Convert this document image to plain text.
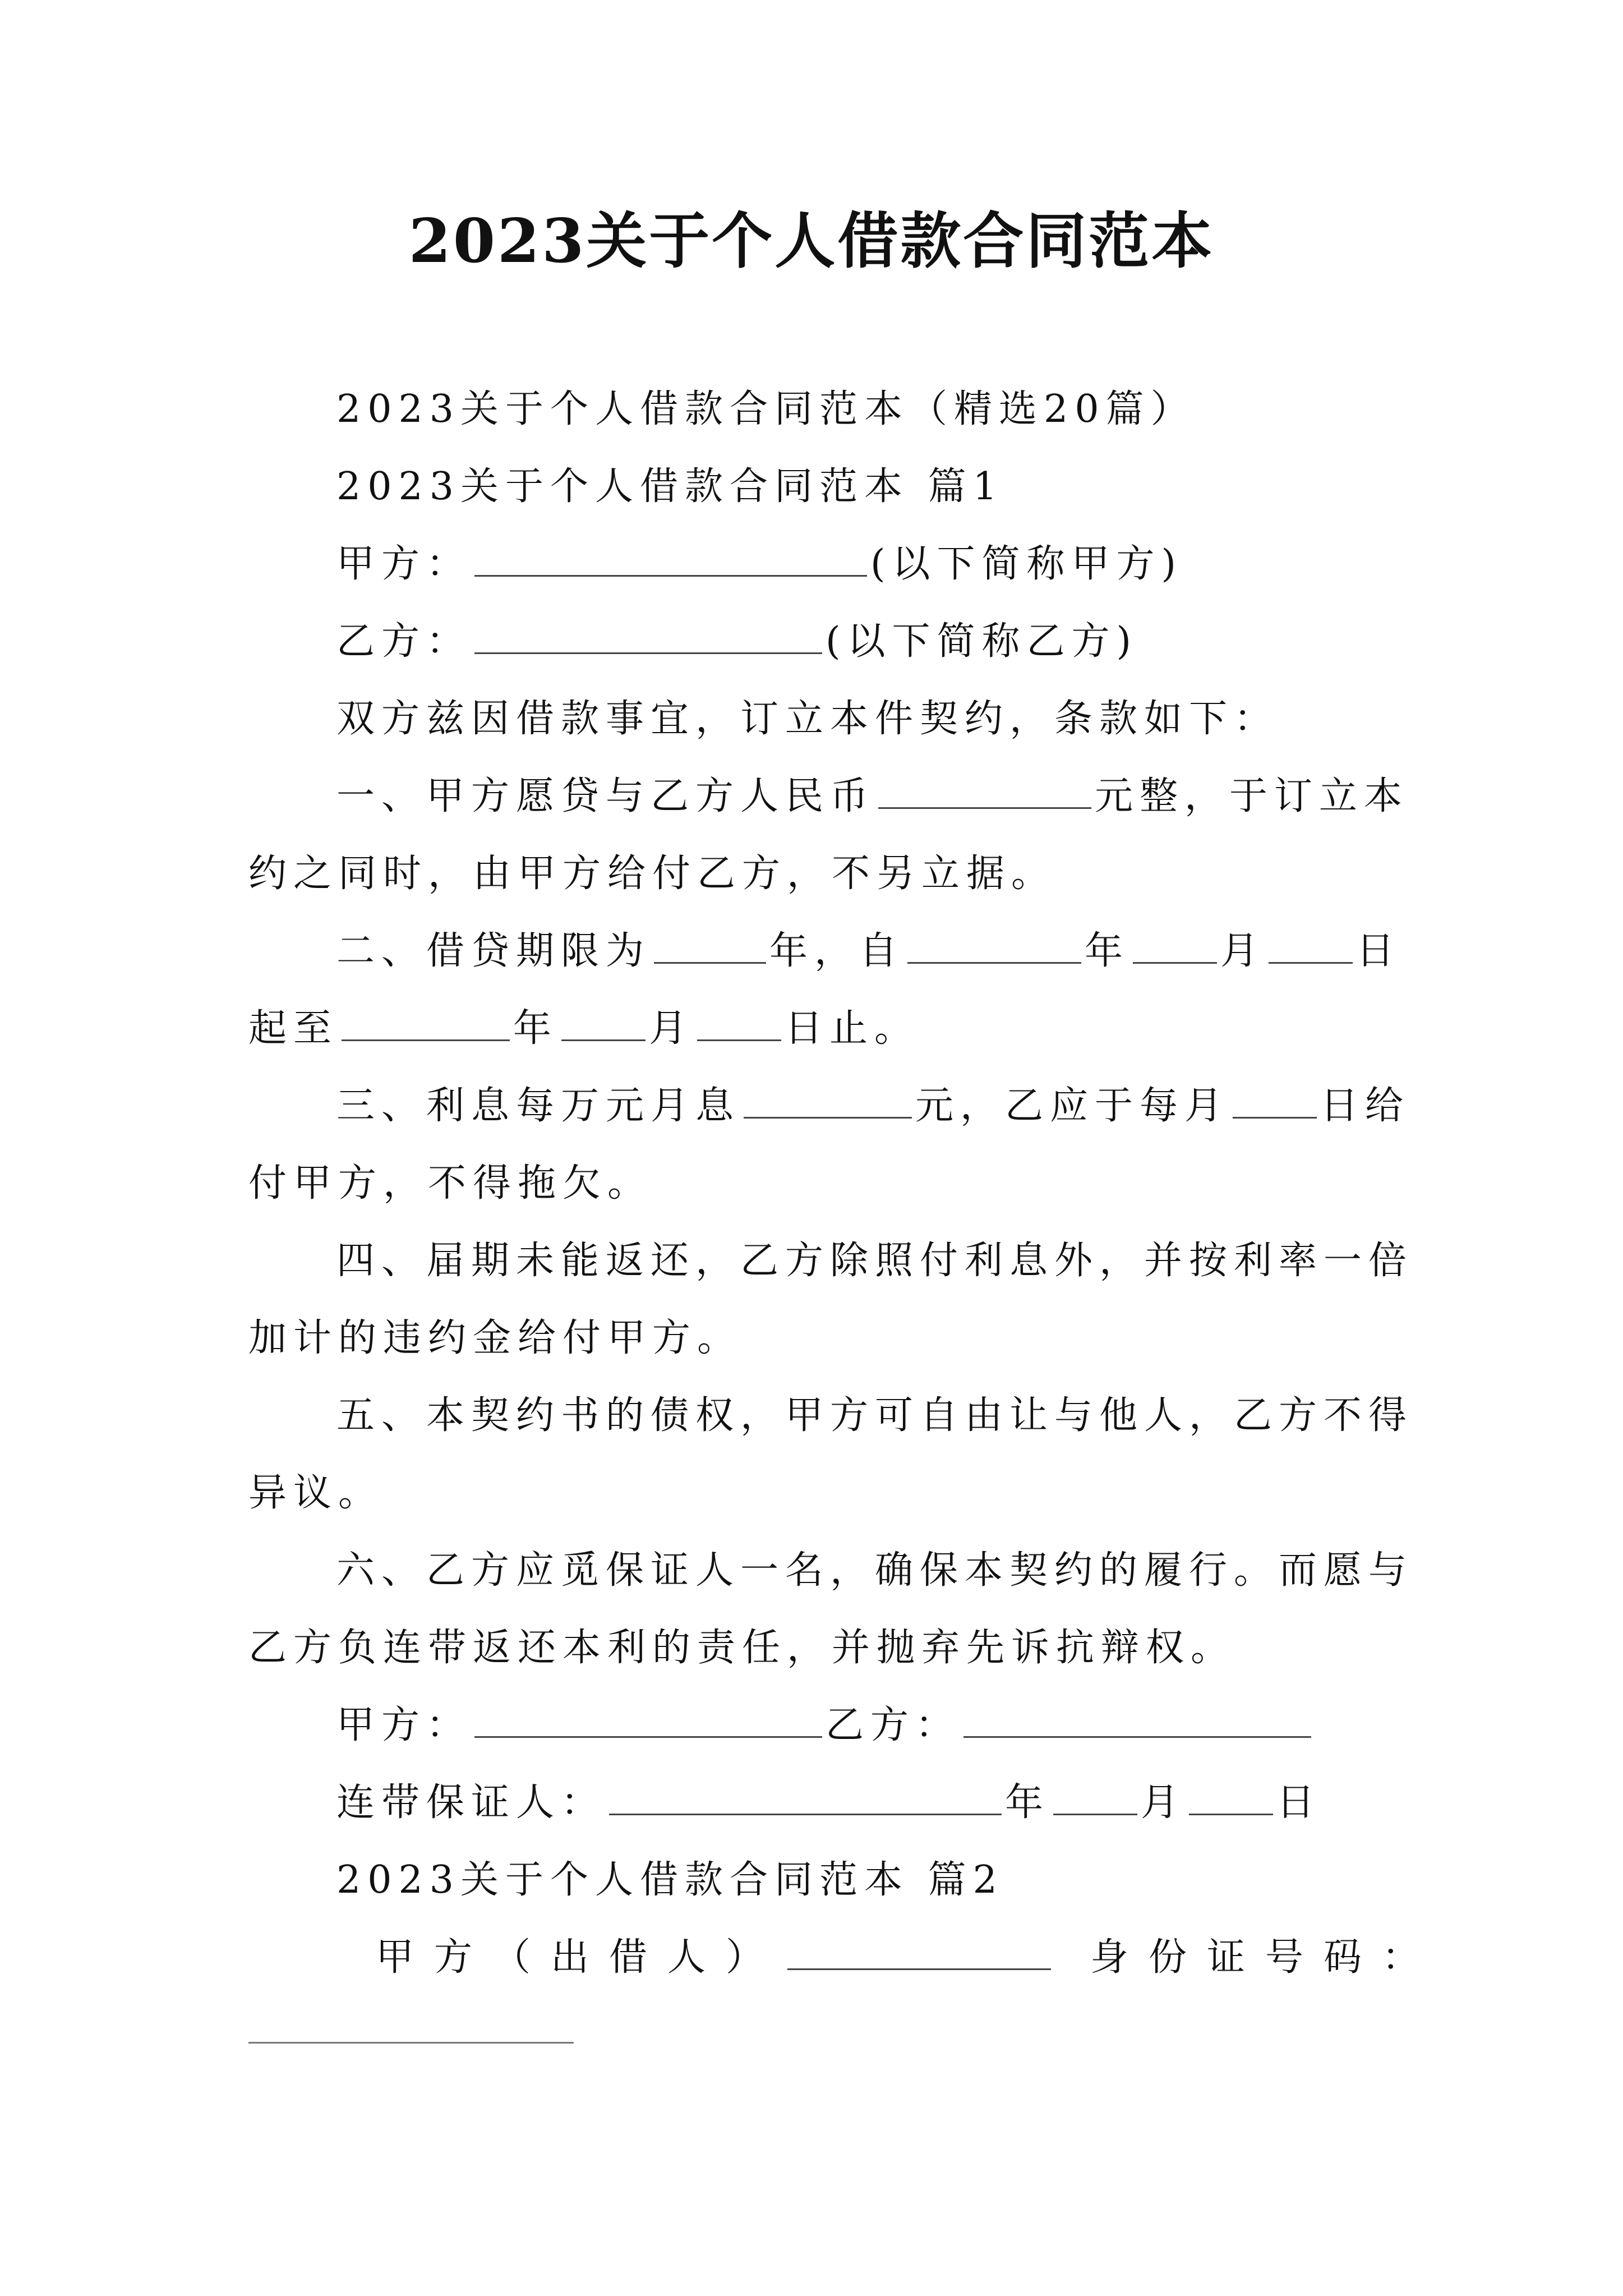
2023关于个人借款合同范本

2023关于个人借款合同范本（精选20篇）

2023关于个人借款合同范本 篇1

甲方：	(以下简称甲方)

乙方：	(以下简称乙方)

双方兹因借款事宜，订立本件契约，条款如下：

一、甲方愿贷与乙方人民币	元整，于订立本

约之同时，由甲方给付乙方，不另立据。

二、借贷期限为	年，自	年 月 日

起至	年 月 日止。

三、利息每万元月息	元，乙应于每月 日给

付甲方，不得拖欠。

四、届期未能返还，乙方除照付利息外，并按利率一倍

加计的违约金给付甲方。

五、本契约书的债权，甲方可自由让与他人，乙方不得

异议。

六、乙方应觅保证人一名，确保本契约的履行。而愿与

乙方负连带返还本利的责任，并抛弃先诉抗辩权。

甲方：	乙方：

连带保证人：	年 月 日

2023关于个人借款合同范本 篇2

甲方（出借人）	身份证号码：
